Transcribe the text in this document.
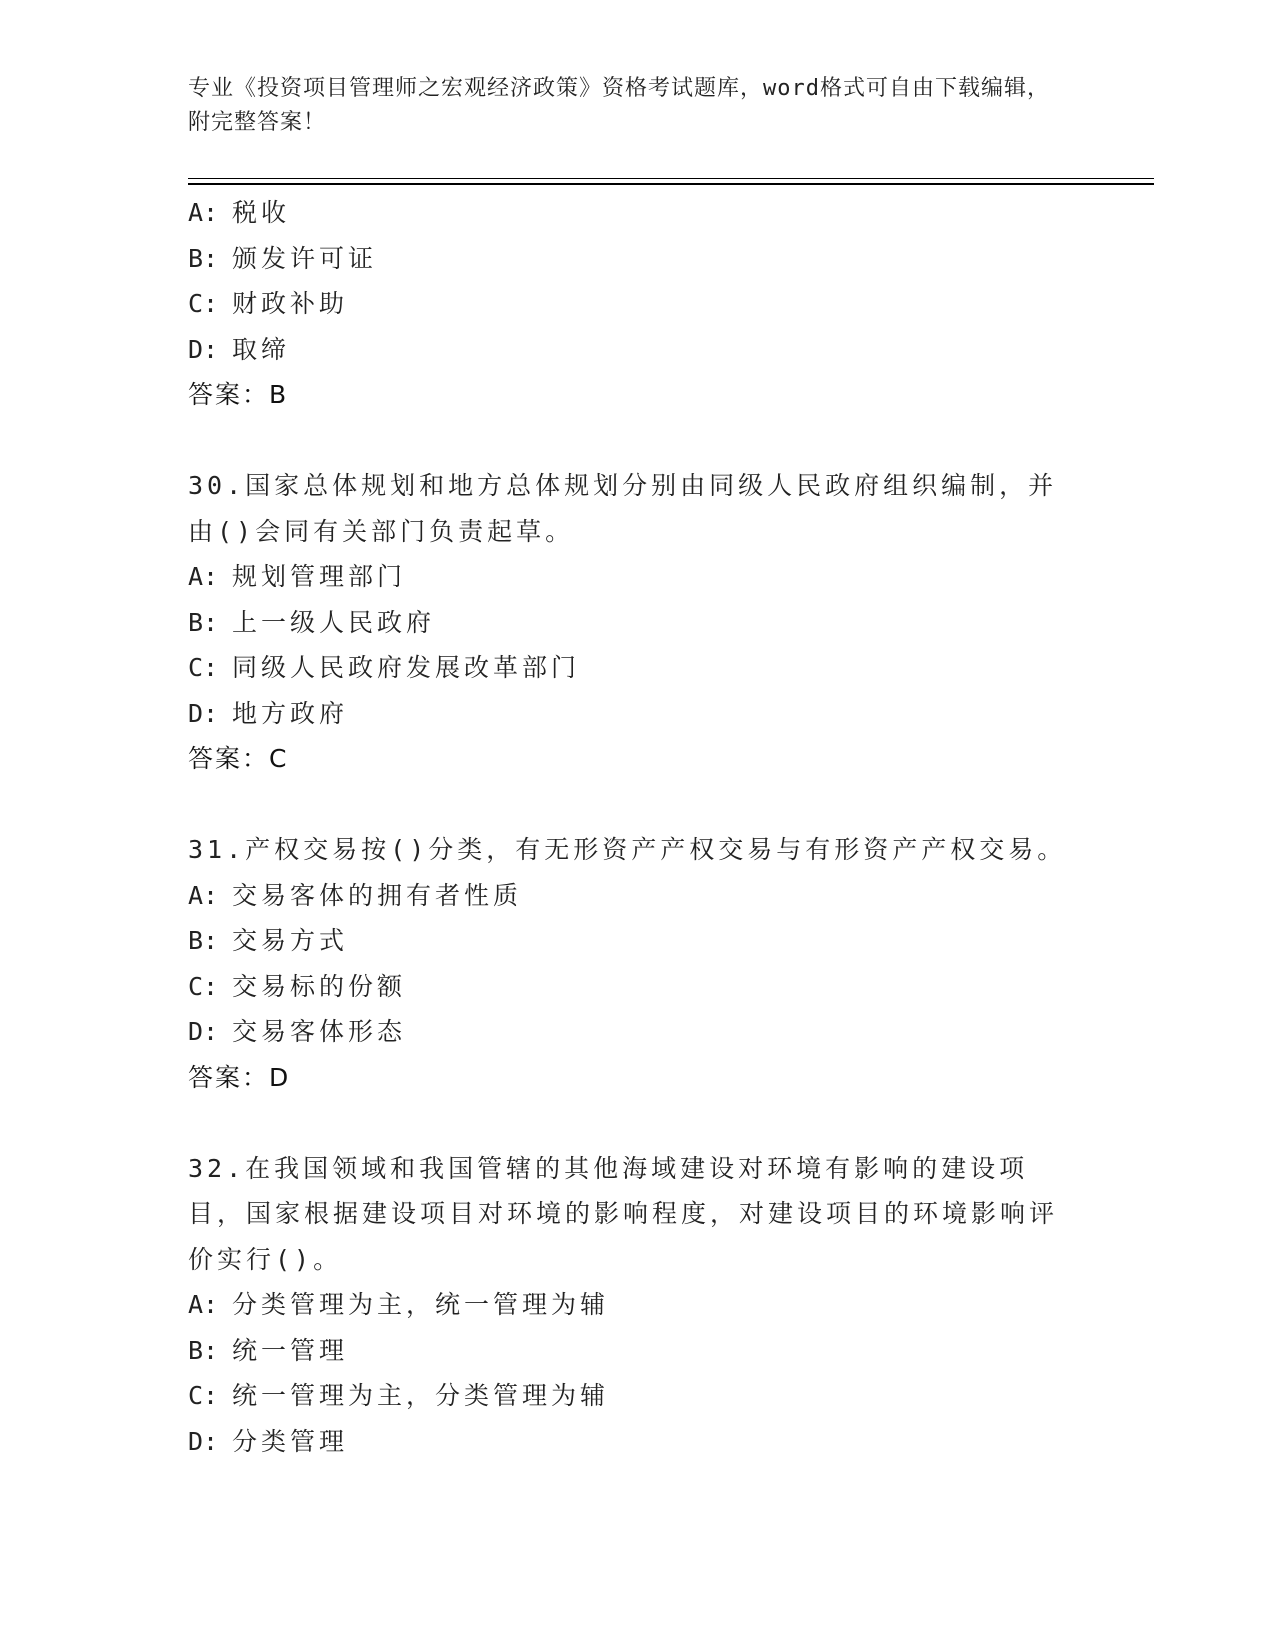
专业《投资项目管理师之宏观经济政策》资格考试题库，word格式可自由下载编辑，附完整答案！
A: 税收
B: 颁发许可证
C: 财政补助
D: 取缔
答案：B
30.国家总体规划和地方总体规划分别由同级人民政府组织编制，并由()会同有关部门负责起草。
A: 规划管理部门
B: 上一级人民政府
C: 同级人民政府发展改革部门
D: 地方政府
答案：C
31.产权交易按()分类，有无形资产产权交易与有形资产产权交易。
A: 交易客体的拥有者性质
B: 交易方式
C: 交易标的份额
D: 交易客体形态
答案：D
32.在我国领域和我国管辖的其他海域建设对环境有影响的建设项目，国家根据建设项目对环境的影响程度，对建设项目的环境影响评价实行()。
A: 分类管理为主，统一管理为辅
B: 统一管理
C: 统一管理为主，分类管理为辅
D: 分类管理
